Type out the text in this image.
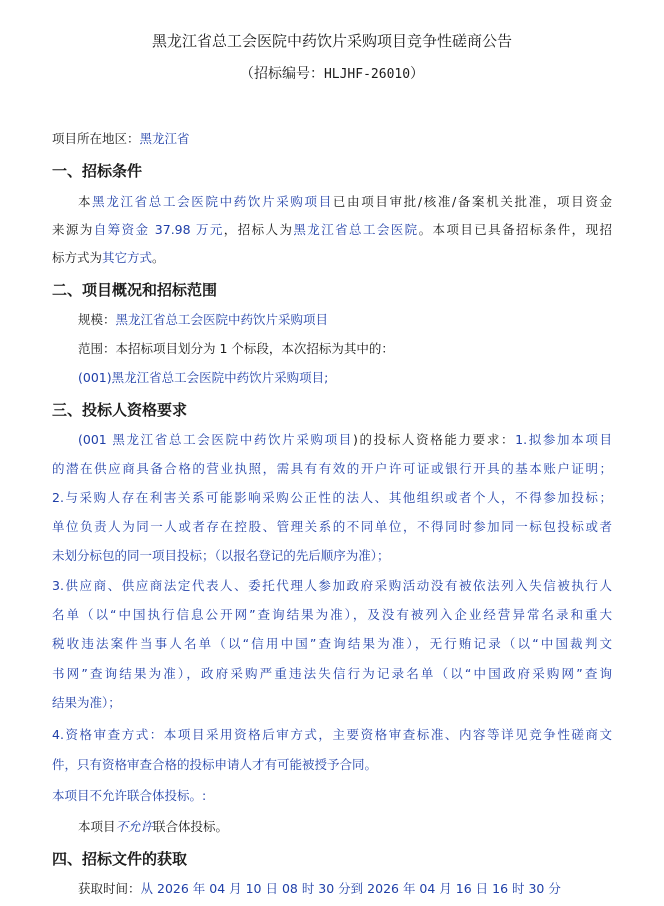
黑龙江省总工会医院中药饮片采购项目竞争性磋商公告
（招标编号：HLJHF-26010）
项目所在地区：黑龙江省
一、招标条件
本黑龙江省总工会医院中药饮片采购项目已由项目审批/核准/备案机关批准，项目资金
来源为自筹资金 37.98 万元，招标人为黑龙江省总工会医院。本项目已具备招标条件，现招
标方式为其它方式。
二、项目概况和招标范围
规模：黑龙江省总工会医院中药饮片采购项目
范围：本招标项目划分为 1 个标段，本次招标为其中的：
(001)黑龙江省总工会医院中药饮片采购项目;
三、投标人资格要求
(001 黑龙江省总工会医院中药饮片采购项目)的投标人资格能力要求：1.拟参加本项目
的潜在供应商具备合格的营业执照，需具有有效的开户许可证或银行开具的基本账户证明；
2.与采购人存在利害关系可能影响采购公正性的法人、其他组织或者个人，不得参加投标；
单位负责人为同一人或者存在控股、管理关系的不同单位，不得同时参加同一标包投标或者
未划分标包的同一项目投标；（以报名登记的先后顺序为准）；
3.供应商、供应商法定代表人、委托代理人参加政府采购活动没有被依法列入失信被执行人
名单（以“中国执行信息公开网”查询结果为准），及没有被列入企业经营异常名录和重大
税收违法案件当事人名单（以“信用中国”查询结果为准），无行贿记录（以“中国裁判文
书网”查询结果为准），政府采购严重违法失信行为记录名单（以“中国政府采购网”查询
结果为准）；
4.资格审查方式：本项目采用资格后审方式，主要资格审查标准、内容等详见竞争性磋商文
件，只有资格审查合格的投标申请人才有可能被授予合同。
本项目不允许联合体投标。:
本项目不允许联合体投标。
四、招标文件的获取
获取时间：从 2026 年 04 月 10 日 08 时 30 分到 2026 年 04 月 16 日 16 时 30 分
